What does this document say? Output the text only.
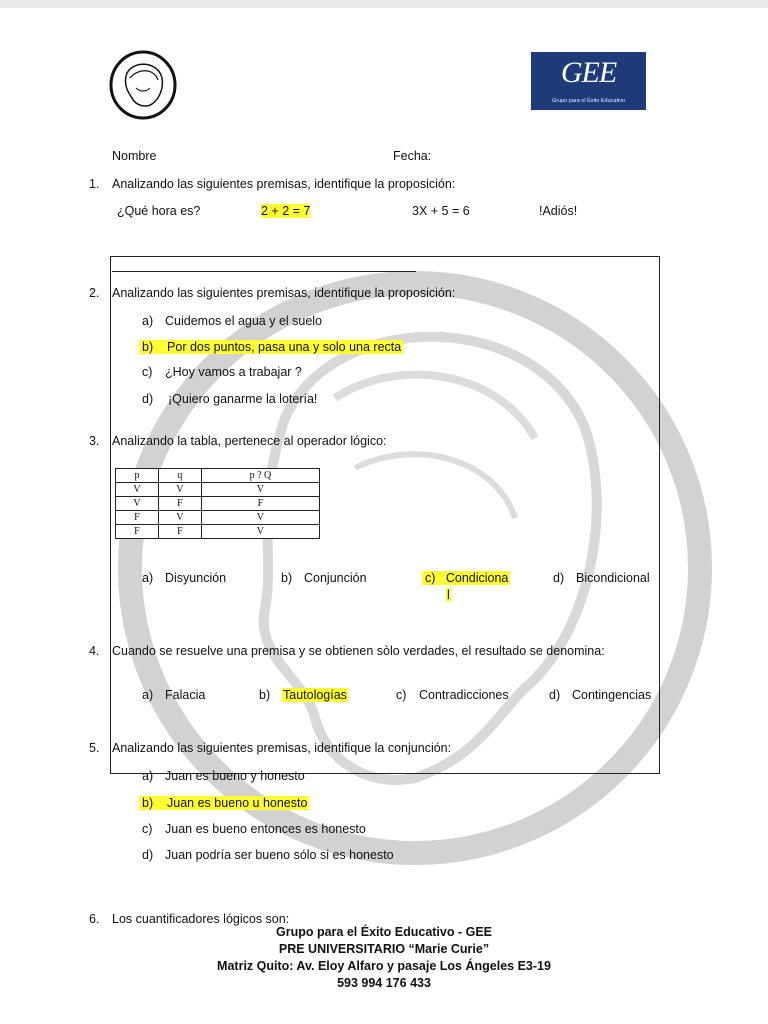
GEE
Grupo para el Éxito Educativo
Nombre	Fecha:
1. Analizando las siguientes premisas, identifique la proposición:
¿Qué hora es?	2 + 2 = 7	3X + 5 = 6	!Adiós!
2. Analizando las siguientes premisas, identifique la proposición:
a) Cuidemos el agua y el suelo
b) Por dos puntos, pasa una y solo una recta
c) ¿Hoy vamos a trabajar ?
d) ¡Quiero ganarme la lotería!
3. Analizando la tabla, pertenece al operador lógico:
p	q	p ? Q
V	V	V
V	F	F
F	V	V
F	F	V
a) Disyunción	b) Conjunción	c) Condiciona
l
d) Bicondicional
4. Cuando se resuelve una premisa y se obtienen sòlo verdades, el resultado se denomina:
a) Falacia	b) Tautologías	c) Contradicciones	d) Contingencias
5. Analizando las siguientes premisas, identifique la conjunción:
a) Juan es bueno y honesto
b) Juan es bueno u honesto
c) Juan es bueno entonces es honesto
d) Juan podría ser bueno sólo si es honesto
6. Los cuantificadores lógicos son:
Grupo para el Éxito Educativo - GEE
PRE UNIVERSITARIO “Marie Curie”
Matriz Quito: Av. Eloy Alfaro y pasaje Los Ángeles E3-19
593 994 176 433
